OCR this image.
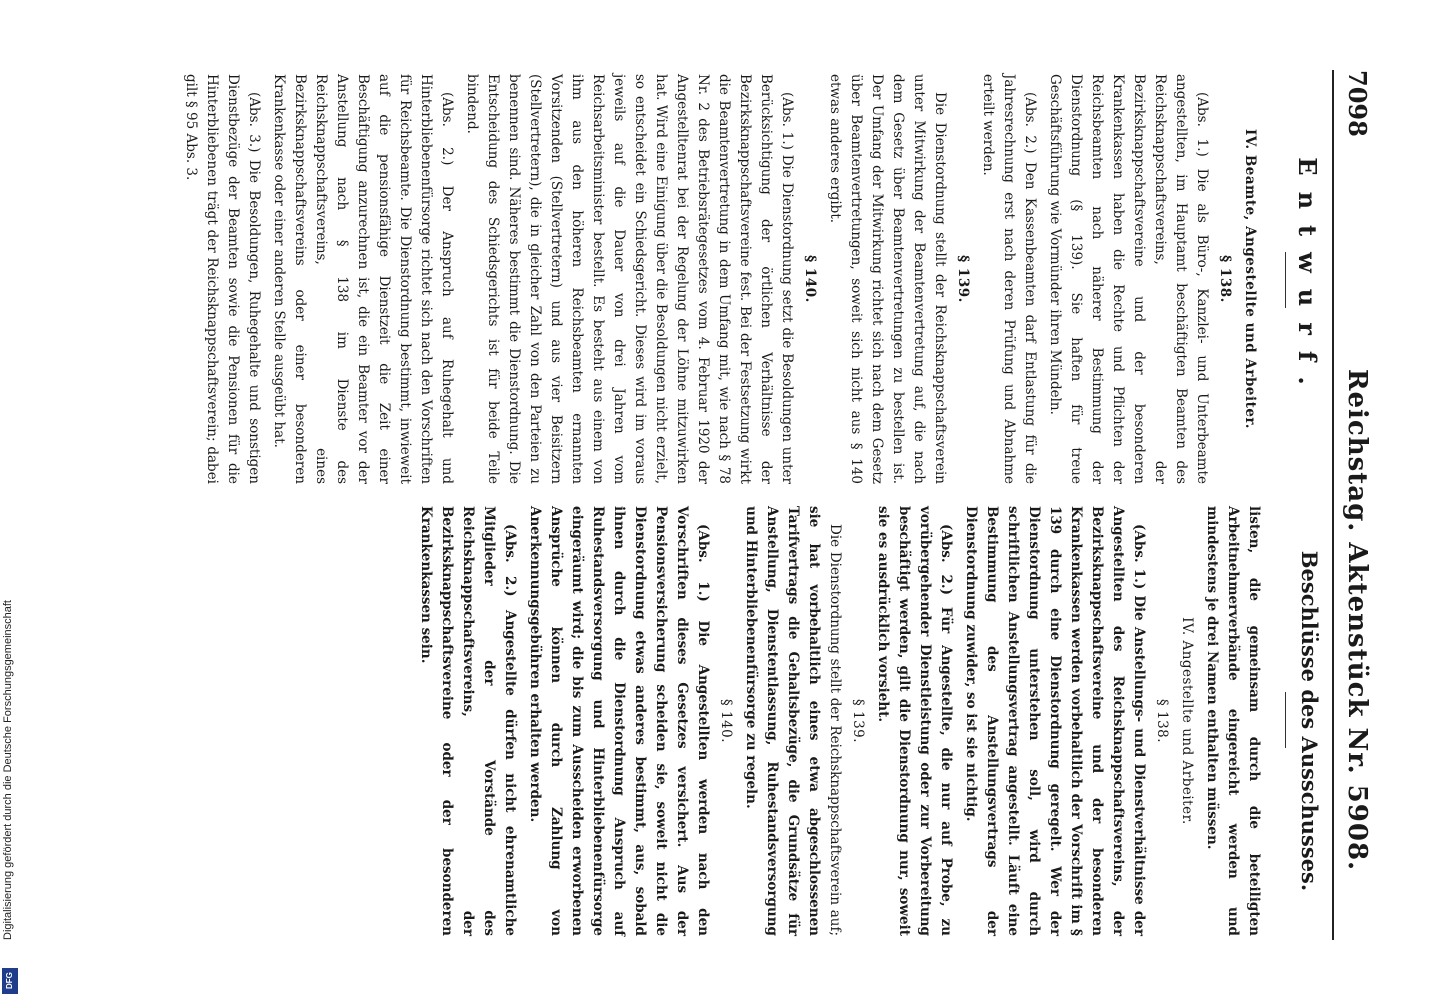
7098
Reichstag. Aktenstück Nr. 5908.
Entwurf.
Beschlüsse des Ausschusses.
IV. Beamte, Angestellte und Arbeiter.
§ 138.

(Abs. 1.) Die als Büro-, Kanzlei- und Unterbeamte angestellten, im Hauptamt beschäftigten Beamten des Reichsknappschaftsvereins, der Bezirksknappschaftsvereine und der besonderen Krankenkassen haben die Rechte und Pflichten der Reichsbeamten nach näherer Bestimmung der Dienstordnung (§ 139). Sie haften für treue Geschäftsführung wie Vormünder ihren Mündeln.

(Abs. 2.) Den Kassenbeamten darf Entlastung für die Jahresrechnung erst nach deren Prüfung und Abnahme erteilt werden.

§ 139.

Die Dienstordnung stellt der Reichsknappschaftsverein unter Mitwirkung der Beamtenvertretung auf, die nach dem Gesetz über Beamtenvertretungen zu bestellen ist. Der Umfang der Mitwirkung richtet sich nach dem Gesetz über Beamtenvertretungen, soweit sich nicht aus § 140 etwas anderes ergibt.

§ 140.

(Abs. 1.) Die Dienstordnung setzt die Besoldungen unter Berücksichtigung der örtlichen Verhältnisse der Bezirksknappschaftsvereine fest. Bei der Festsetzung wirkt die Beamtenvertretung in dem Umfang mit, wie nach § 78 Nr. 2 des Betriebsrätegesetzes vom 4. Februar 1920 der Angestelltenrat bei der Regelung der Löhne mitzuwirken hat. Wird eine Einigung über die Besoldungen nicht erzielt, so entscheidet ein Schiedsgericht. Dieses wird im voraus jeweils auf die Dauer von drei Jahren vom Reichsarbeitsminister bestellt. Es besteht aus einem von ihm aus den höheren Reichsbeamten ernannten Vorsitzenden (Stellvertretern) und aus vier Beisitzern (Stellvertretern), die in gleicher Zahl von den Parteien zu benennen sind. Näheres bestimmt die Dienstordnung. Die Entscheidung des Schiedsgerichts ist für beide Teile bindend.

(Abs. 2.) Der Anspruch auf Ruhegehalt und Hinterbliebenenfürsorge richtet sich nach den Vorschriften für Reichsbeamte. Die Dienstordnung bestimmt, inwieweit auf die pensionsfähige Dienstzeit die Zeit einer Beschäftigung anzurechnen ist, die ein Beamter vor der Anstellung nach § 138 im Dienste des Reichsknappschaftsvereins, eines Bezirksknappschaftsvereins oder einer besonderen Krankenkasse oder einer anderen Stelle ausgeübt hat.

(Abs. 3.) Die Besoldungen, Ruhegehalte und sonstigen Dienstbezüge der Beamten sowie die Pensionen für die Hinterbliebenen trägt der Reichsknappschaftsverein; dabei gilt § 95 Abs. 3.

listen, die gemeinsam durch die beteiligten Arbeitnehmerverbände eingereicht werden und mindestens je drei Namen enthalten müssen.

IV. Angestellte und Arbeiter.
§ 138.

(Abs. 1.) Die Anstellungs- und Dienstverhältnisse der Angestellten des Reichsknappschaftsvereins, der Bezirksknappschaftsvereine und der besonderen Krankenkassen werden vorbehaltlich der Vorschrift im § 139 durch eine Dienstordnung geregelt. Wer der Dienstordnung unterstehen soll, wird durch schriftlichen Anstellungsvertrag angestellt. Läuft eine Bestimmung des Anstellungsvertrags der Dienstordnung zuwider, so ist sie nichtig.

(Abs. 2.) Für Angestellte, die nur auf Probe, zu vorübergehender Dienstleistung oder zur Vorbereitung beschäftigt werden, gilt die Dienstordnung nur, soweit sie es ausdrücklich vorsieht.

§ 139.

Die Dienstordnung stellt der Reichsknappschaftsverein auf; sie hat vorbehaltlich eines etwa abgeschlossenen Tarifvertrags die Gehaltsbezüge, die Grundsätze für Anstellung, Dienstentlassung, Ruhestandsversorgung und Hinterbliebenenfürsorge zu regeln.

§ 140.

(Abs. 1.) Die Angestellten werden nach den Vorschriften dieses Gesetzes versichert. Aus der Pensionsversicherung scheiden sie, soweit nicht die Dienstordnung etwas anderes bestimmt, aus, sobald ihnen durch die Dienstordnung Anspruch auf Ruhestandsversorgung und Hinterbliebenenfürsorge eingeräumt wird; die bis zum Ausscheiden erworbenen Ansprüche können durch Zahlung von Anerkennungsgebühren erhalten werden.

(Abs. 2.) Angestellte dürfen nicht ehrenamtliche Mitglieder der Vorstände des Reichsknappschaftsvereins, der Bezirksknappschaftsvereine oder der besonderen Krankenkassen sein.

Digitalisierung gefördert durch die Deutsche Forschungsgemeinschaft
DFG
